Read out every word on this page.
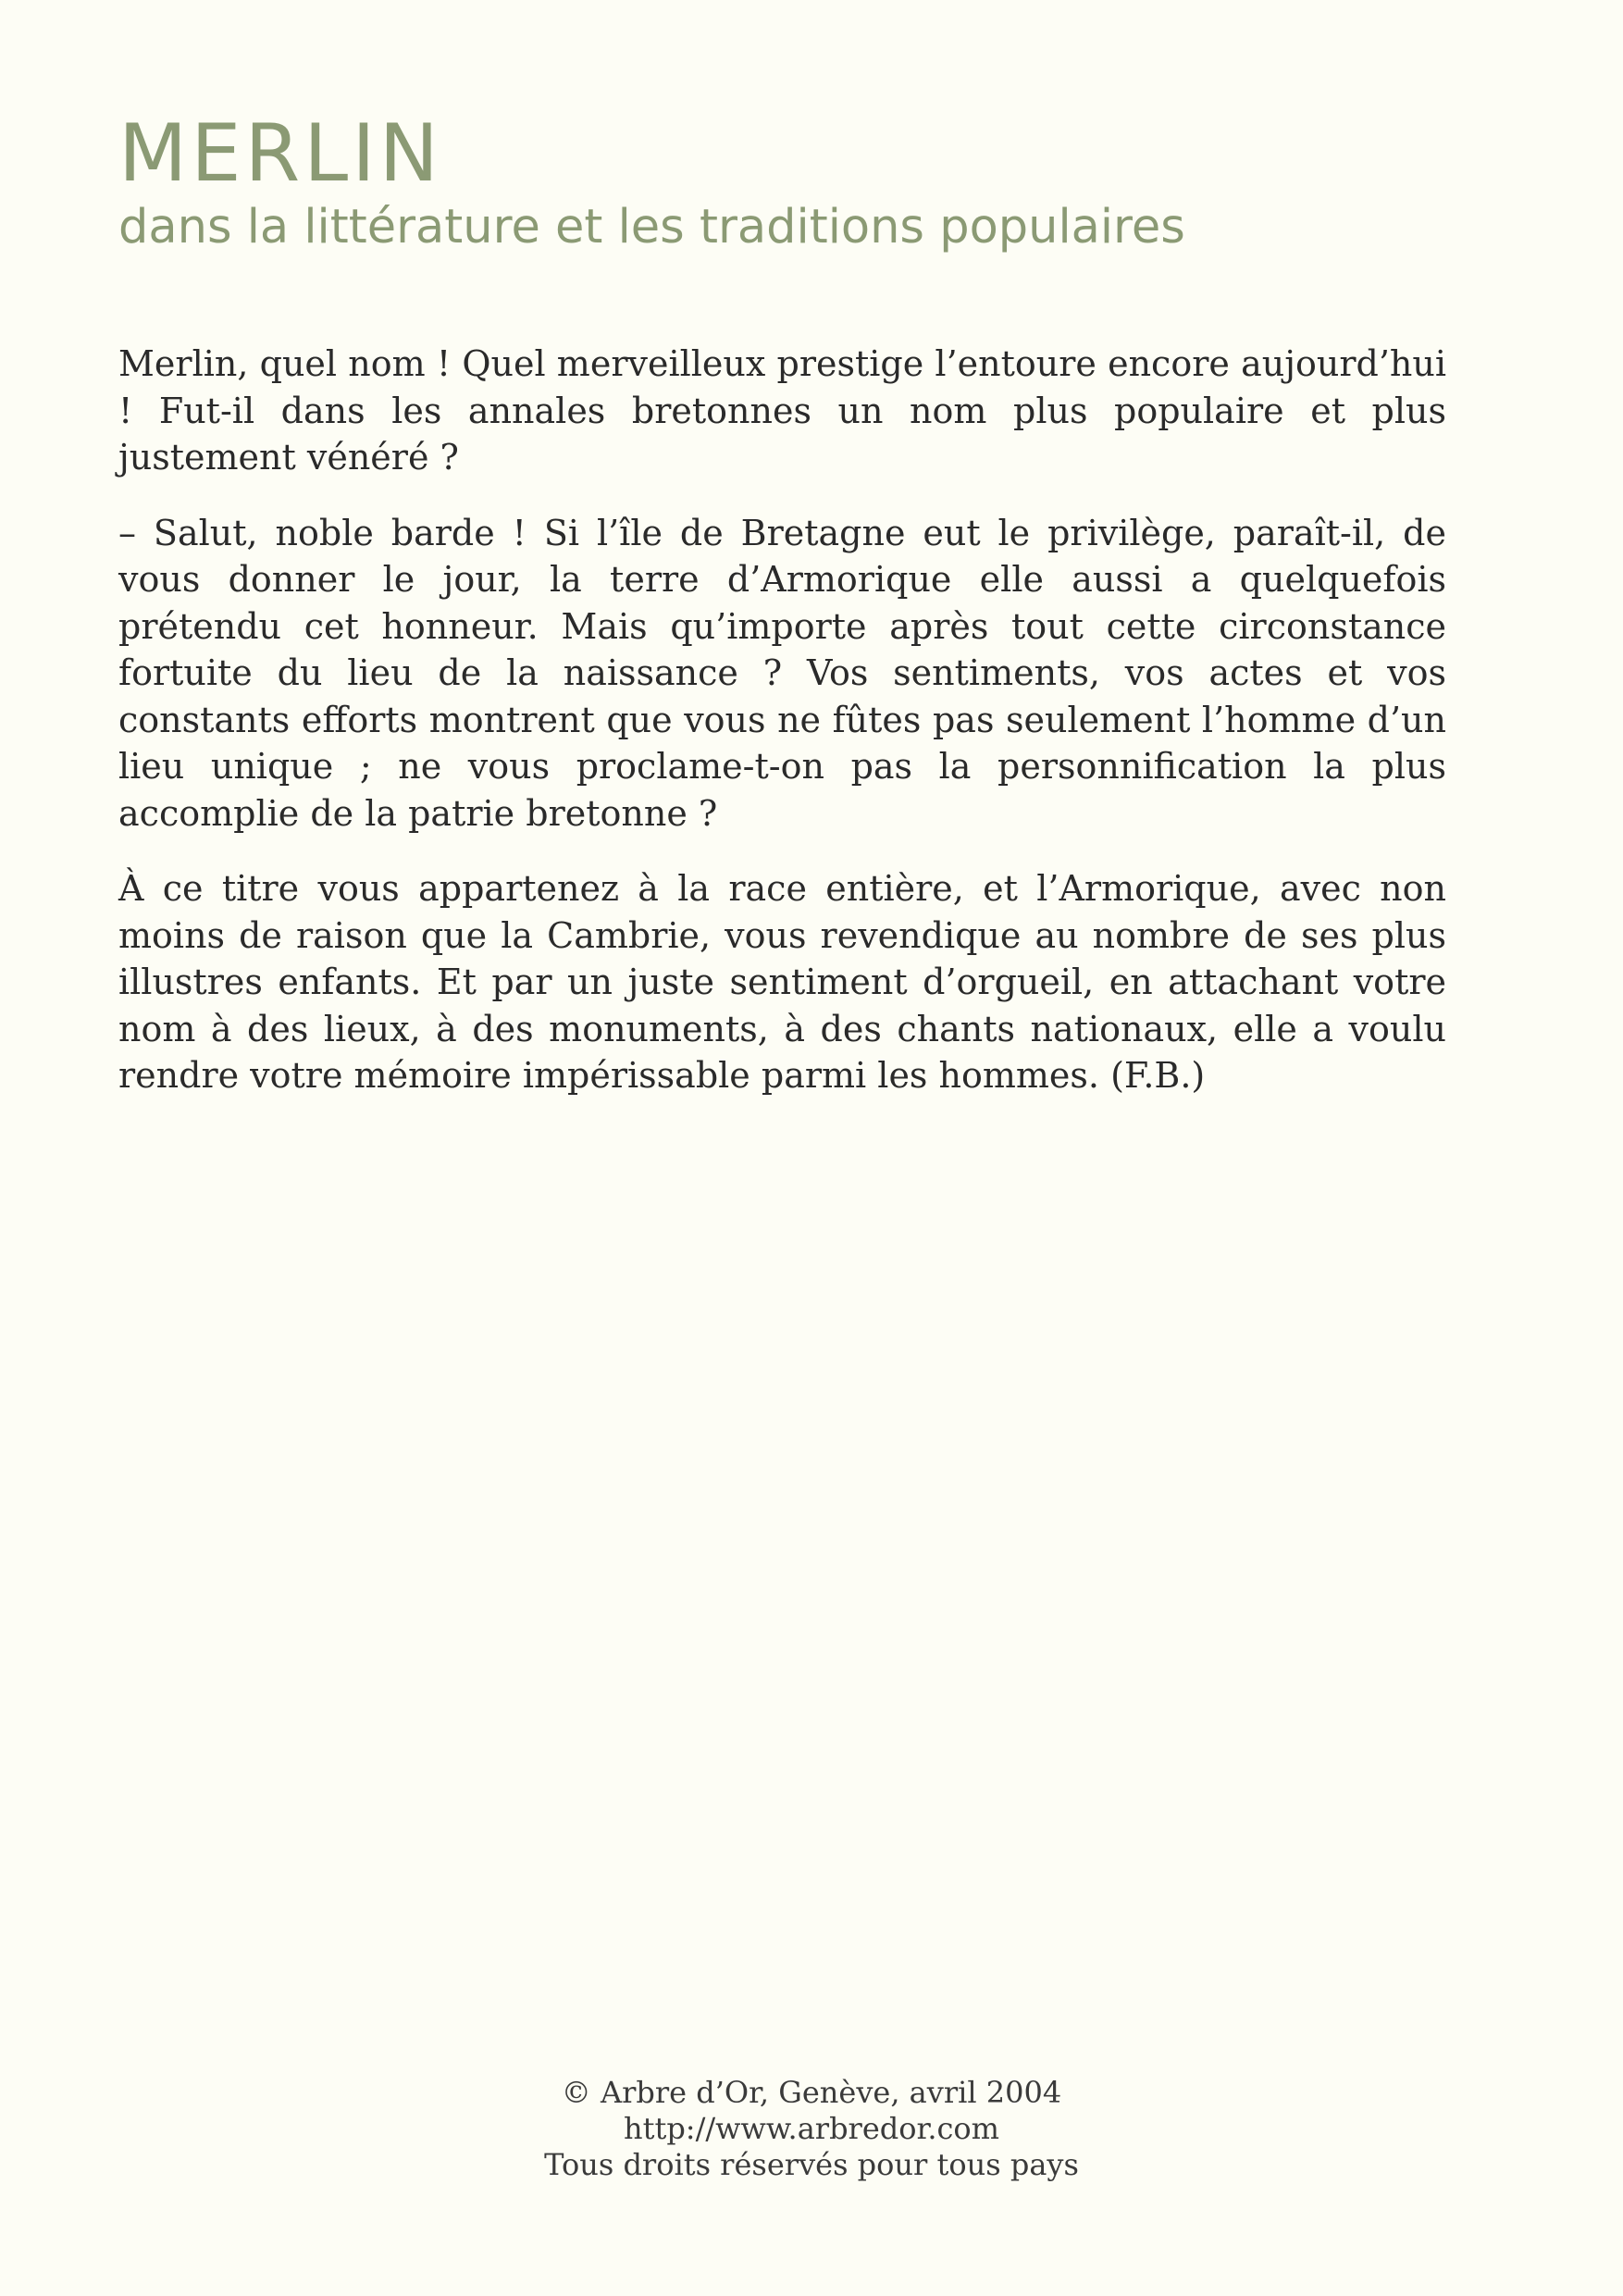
MERLIN
dans la littérature et les traditions populaires

Merlin, quel nom ! Quel merveilleux prestige l’entoure encore aujourd’hui ! Fut-il dans les annales bretonnes un nom plus populaire et plus justement vénéré ?

– Salut, noble barde ! Si l’île de Bretagne eut le privilège, paraît-il, de vous donner le jour, la terre d’Armorique elle aussi a quelquefois prétendu cet honneur. Mais qu’importe après tout cette circonstance fortuite du lieu de la naissance ? Vos sentiments, vos actes et vos constants efforts montrent que vous ne fûtes pas seulement l’homme d’un lieu unique ; ne vous proclame-t-on pas la personnification la plus accomplie de la patrie bretonne ?

À ce titre vous appartenez à la race entière, et l’Armorique, avec non moins de raison que la Cambrie, vous revendique au nombre de ses plus illustres enfants. Et par un juste sentiment d’orgueil, en attachant votre nom à des lieux, à des monuments, à des chants nationaux, elle a voulu rendre votre mémoire impérissable parmi les hommes. (F.B.)

© Arbre d’Or, Genève, avril 2004
http://www.arbredor.com
Tous droits réservés pour tous pays
